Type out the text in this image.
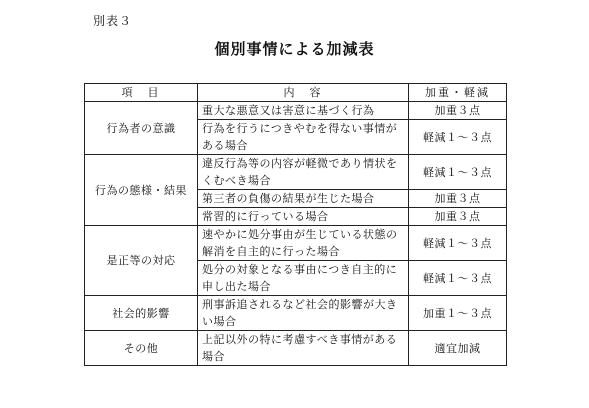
別表３
個別事情による加減表
項　目	内　容	加重・軽減
行為者の意識	重大な悪意又は害意に基づく行為	加重３点
	行為を行うにつきやむを得ない事情がある場合	軽減１～３点
行為の態様・結果	違反行為等の内容が軽微であり情状をくむべき場合	軽減１～３点
	第三者の負傷の結果が生じた場合	加重３点
	常習的に行っている場合	加重３点
是正等の対応	速やかに処分事由が生じている状態の解消を自主的に行った場合	軽減１～３点
	処分の対象となる事由につき自主的に申し出た場合	軽減１～３点
社会的影響	刑事訴追されるなど社会的影響が大きい場合	加重１～３点
その他	上記以外の特に考慮すべき事情がある場合	適宜加減
